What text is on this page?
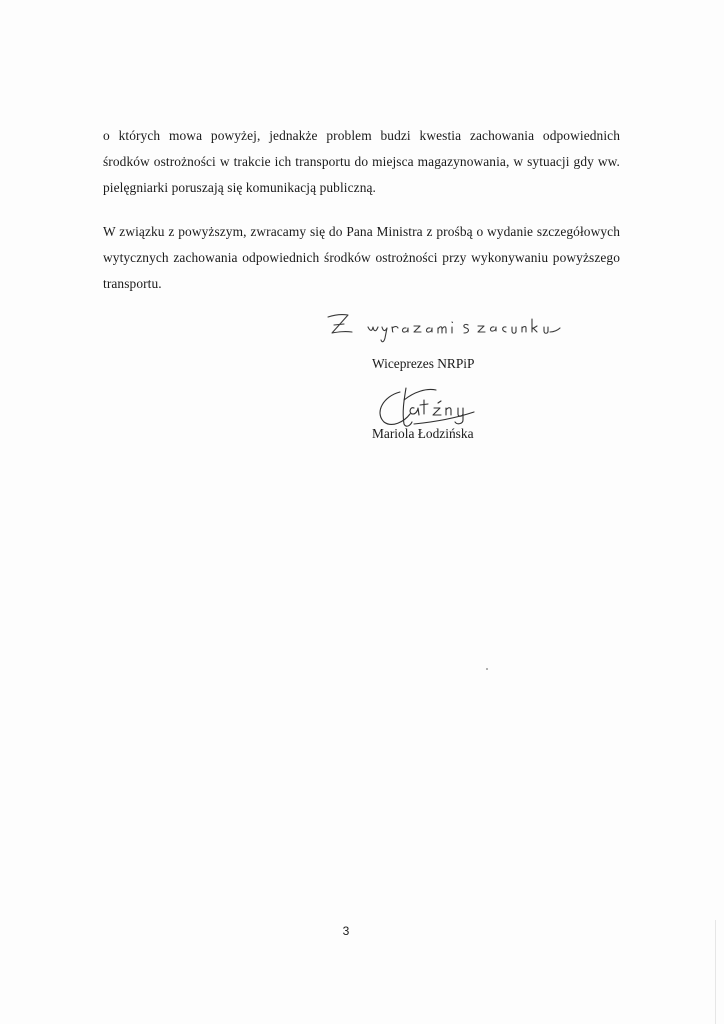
o których mowa powyżej, jednakże problem budzi kwestia zachowania odpowiednich środków ostrożności w trakcie ich transportu do miejsca magazynowania, w sytuacji gdy ww. pielęgniarki poruszają się komunikacją publiczną.

W związku z powyższym, zwracamy się do Pana Ministra z prośbą o wydanie szczegółowych wytycznych zachowania odpowiednich środków ostrożności przy wykonywaniu powyższego transportu.

Wiceprezes NRPiP
Mariola Łodzińska
3
